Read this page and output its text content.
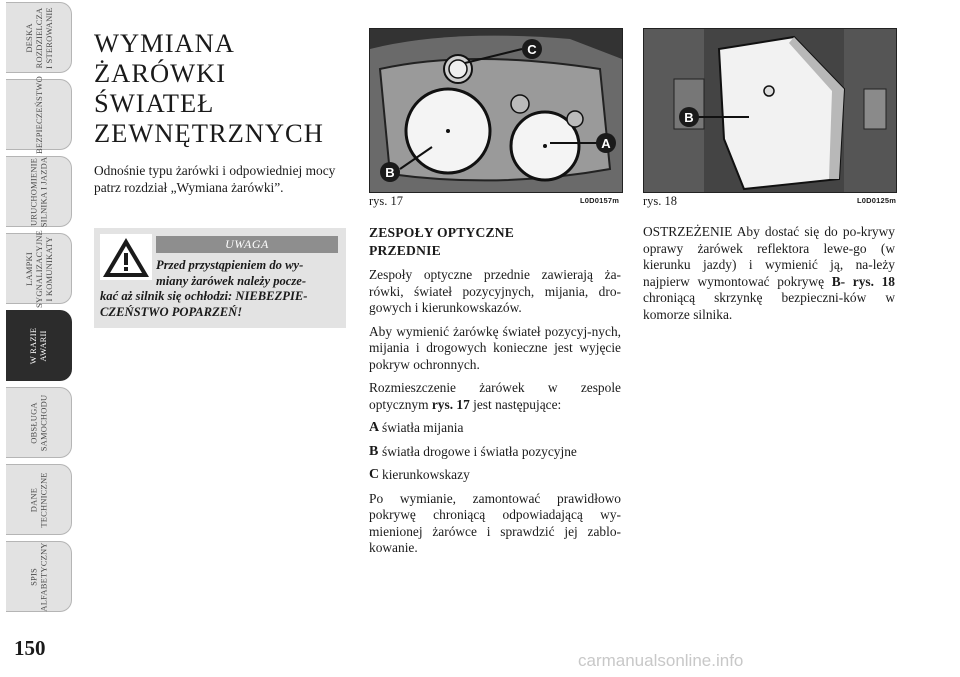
DESKA
ROZDZIELCZA
I STEROWANIE
BEZPIECZEŃSTWO
URUCHOMIENIE
SILNIKA I JAZDA
LAMPKI
SYGNALIZACYJNE
I KOMUNIKATY
W RAZIE
AWARII
OBSŁUGA
SAMOCHODU
DANE
TECHNICZNE
SPIS
ALFABETYCZNY
150
WYMIANA
ŻARÓWKI
ŚWIATEŁ
ZEWNĘTRZNYCH

Odnośnie typu żarówki i odpowiedniej mocy patrz rozdział „Wymiana żarówki”.

UWAGA

Przed przystąpieniem do wy-
miany żarówek należy pocze-
kać aż silnik się ochłodzi: NIEBEZPIE-CZEŃSTWO POPARZEŃ!

C
B
A
rys. 17	L0D0157m
B
rys. 18	L0D0125m
ZESPOŁY OPTYCZNE
PRZEDNIE

Zespoły optyczne przednie zawierają ża-rówki, świateł pozycyjnych, mijania, dro-gowych i kierunkowskazów.

Aby wymienić żarówkę świateł pozycyj-nych, mijania i drogowych konieczne jest wyjęcie pokryw ochronnych.

Rozmieszczenie żarówek w zespole optycznym rys. 17 jest następujące:

A światła mijania
B światła drogowe i światła pozycyjne
C kierunkowskazy

Po wymianie, zamontować prawidłowo pokrywę chroniącą odpowiadającą wy-mienionej żarówce i sprawdzić jej zablo-kowanie.

OSTRZEŻENIE Aby dostać się do po-krywy oprawy żarówek reflektora lewe-go (w kierunku jazdy) i wymienić ją, na-leży najpierw wymontować pokrywę B- rys. 18 chroniącą skrzynkę bezpieczni-ków w komorze silnika.

carmanualsonline.info
